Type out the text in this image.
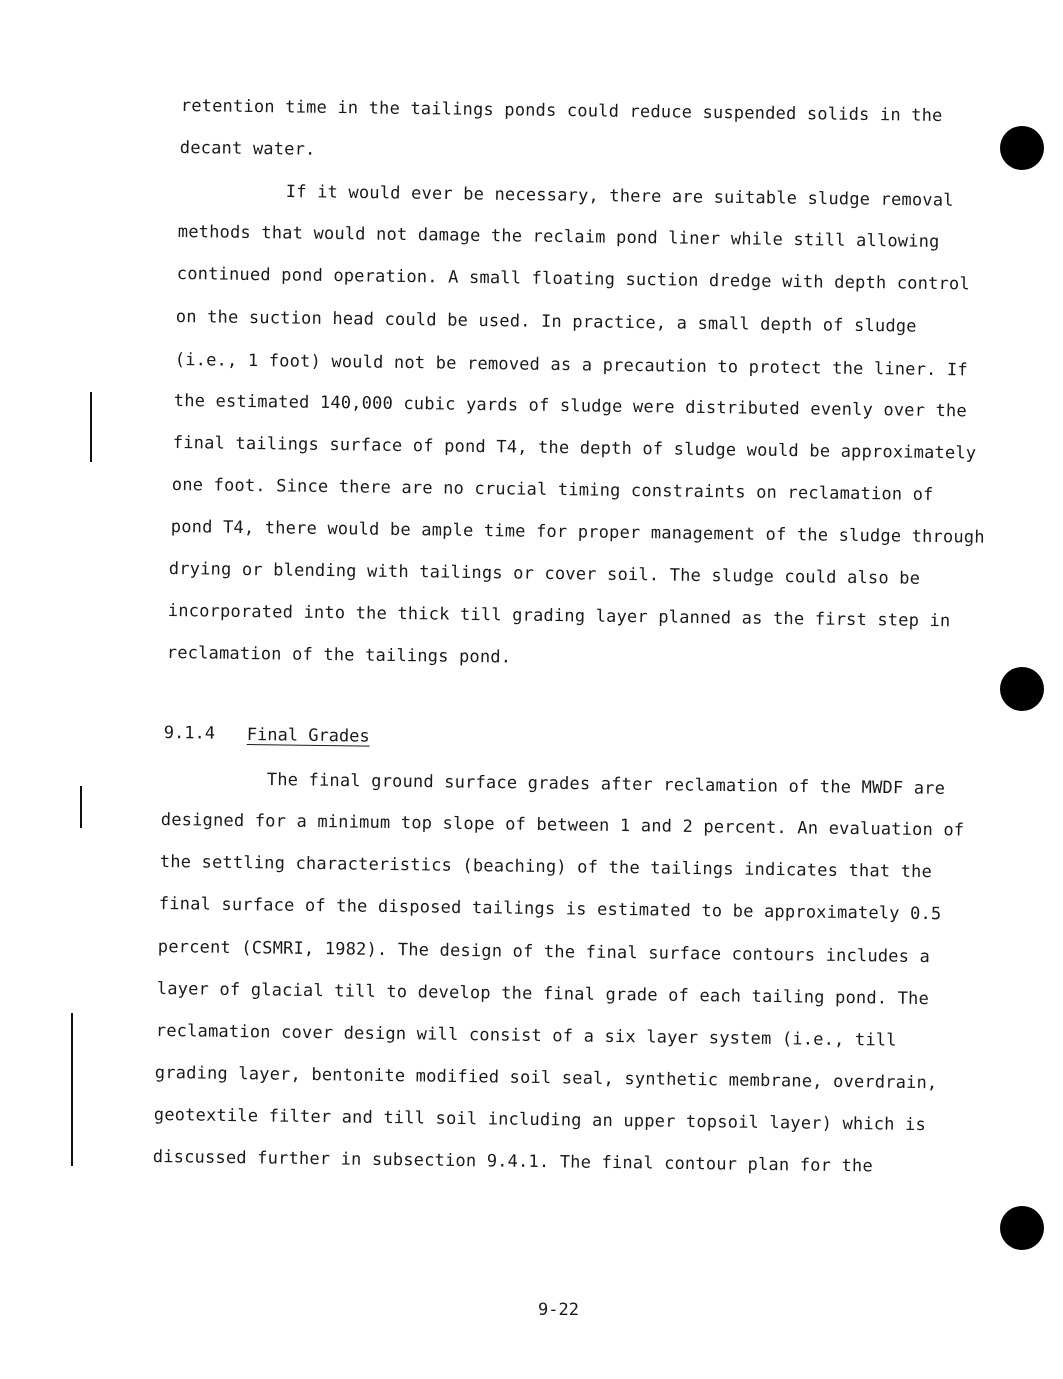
retention time in the tailings ponds could reduce suspended solids in the
decant water.
If it would ever be necessary, there are suitable sludge removal
methods that would not damage the reclaim pond liner while still allowing
continued pond operation. A small floating suction dredge with depth control
on the suction head could be used. In practice, a small depth of sludge
(i.e., 1 foot) would not be removed as a precaution to protect the liner. If
the estimated 140,000 cubic yards of sludge were distributed evenly over the
final tailings surface of pond T4, the depth of sludge would be approximately
one foot. Since there are no crucial timing constraints on reclamation of
pond T4, there would be ample time for proper management of the sludge through
drying or blending with tailings or cover soil. The sludge could also be
incorporated into the thick till grading layer planned as the first step in
reclamation of the tailings pond.
9.1.4 Final Grades
The final ground surface grades after reclamation of the MWDF are
designed for a minimum top slope of between 1 and 2 percent. An evaluation of
the settling characteristics (beaching) of the tailings indicates that the
final surface of the disposed tailings is estimated to be approximately 0.5
percent (CSMRI, 1982). The design of the final surface contours includes a
layer of glacial till to develop the final grade of each tailing pond. The
reclamation cover design will consist of a six layer system (i.e., till
grading layer, bentonite modified soil seal, synthetic membrane, overdrain,
geotextile filter and till soil including an upper topsoil layer) which is
discussed further in subsection 9.4.1. The final contour plan for the
9-22
